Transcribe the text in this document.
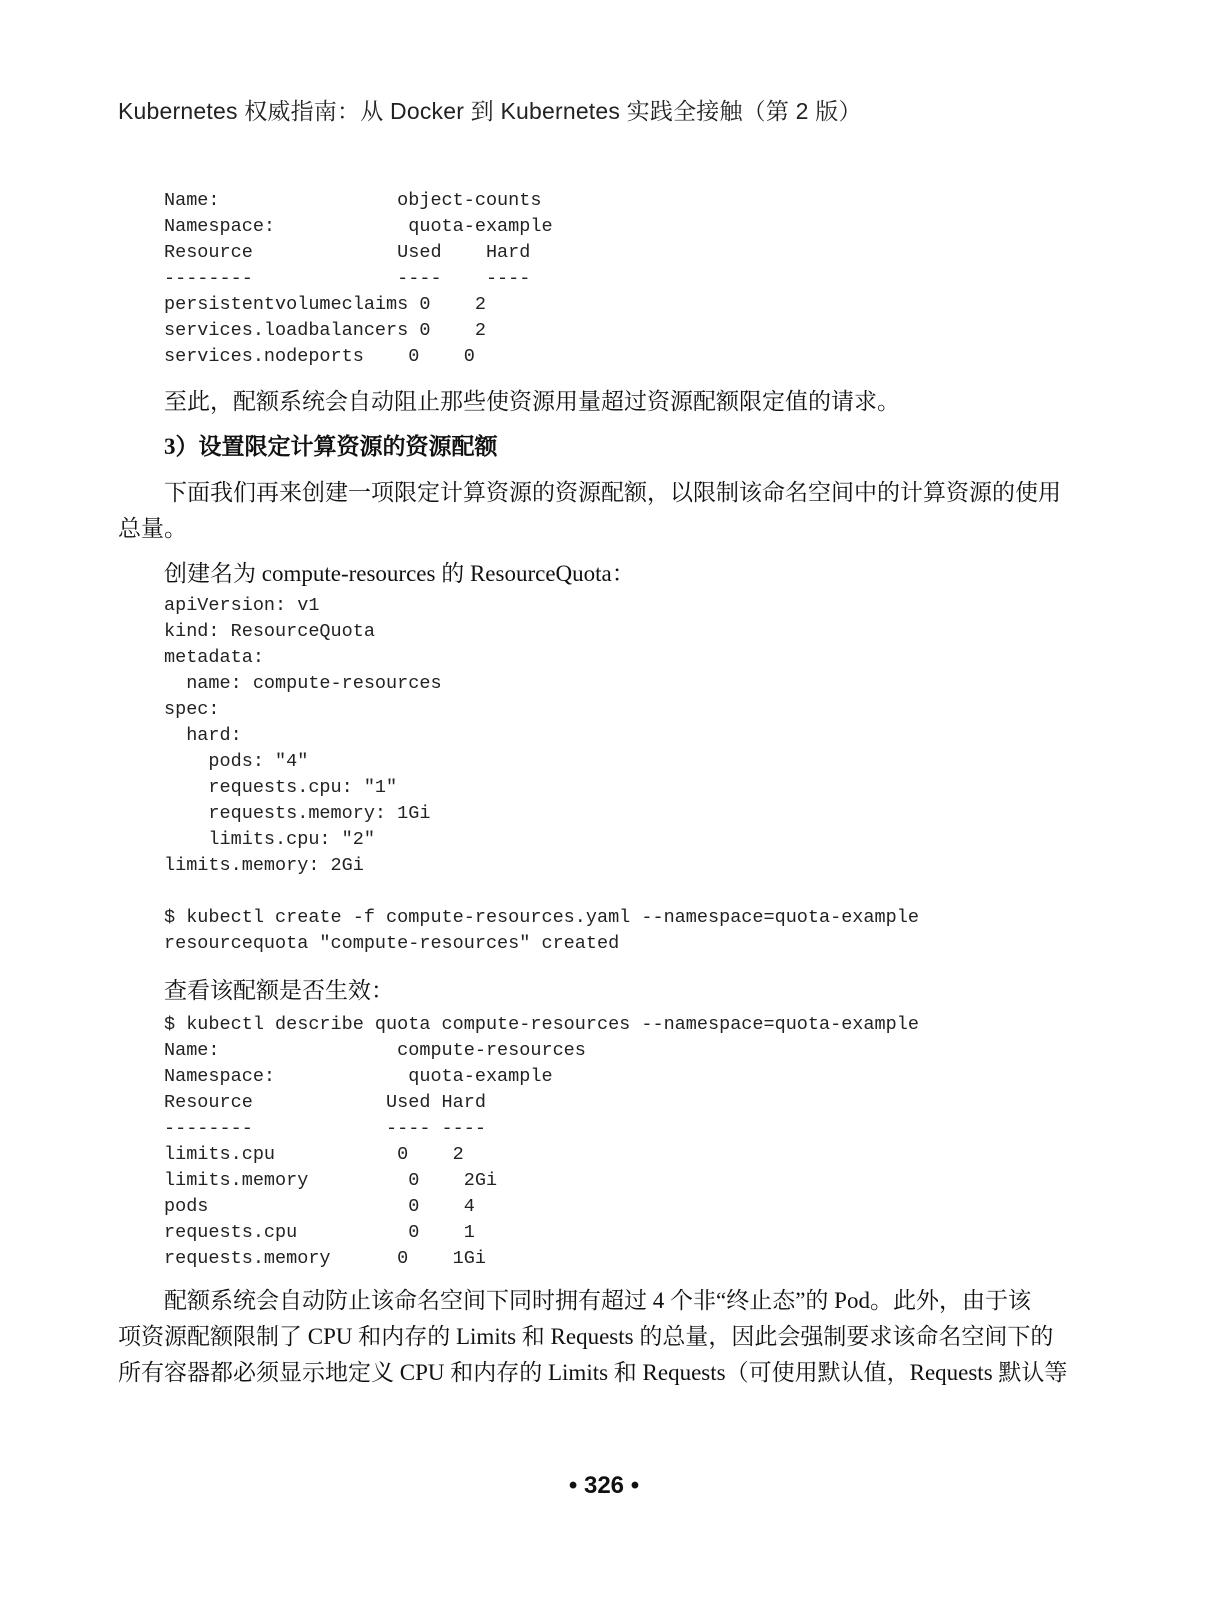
Kubernetes 权威指南：从 Docker 到 Kubernetes 实践全接触（第 2 版）
Name:                object-counts
Namespace:            quota-example
Resource             Used    Hard
--------             ----    ----
persistentvolumeclaims 0    2
services.loadbalancers 0    2
services.nodeports    0    0
至此，配额系统会自动阻止那些使资源用量超过资源配额限定值的请求。
3）设置限定计算资源的资源配额
下面我们再来创建一项限定计算资源的资源配额，以限制该命名空间中的计算资源的使用
总量。
创建名为 compute-resources 的 ResourceQuota：
apiVersion: v1
kind: ResourceQuota
metadata:
name: compute-resources
spec:
hard:
pods: "4"
requests.cpu: "1"
requests.memory: 1Gi
limits.cpu: "2"
limits.memory: 2Gi
$ kubectl create -f compute-resources.yaml --namespace=quota-example
resourcequota "compute-resources" created
查看该配额是否生效：
$ kubectl describe quota compute-resources --namespace=quota-example
Name:                compute-resources
Namespace:            quota-example
Resource            Used Hard
--------            ---- ----
limits.cpu           0    2
limits.memory         0    2Gi
pods                  0    4
requests.cpu          0    1
requests.memory      0    1Gi
配额系统会自动防止该命名空间下同时拥有超过 4 个非“终止态”的 Pod。此外，由于该
项资源配额限制了 CPU 和内存的 Limits 和 Requests 的总量，因此会强制要求该命名空间下的
所有容器都必须显示地定义 CPU 和内存的 Limits 和 Requests（可使用默认值，Requests 默认等
• 326 •
